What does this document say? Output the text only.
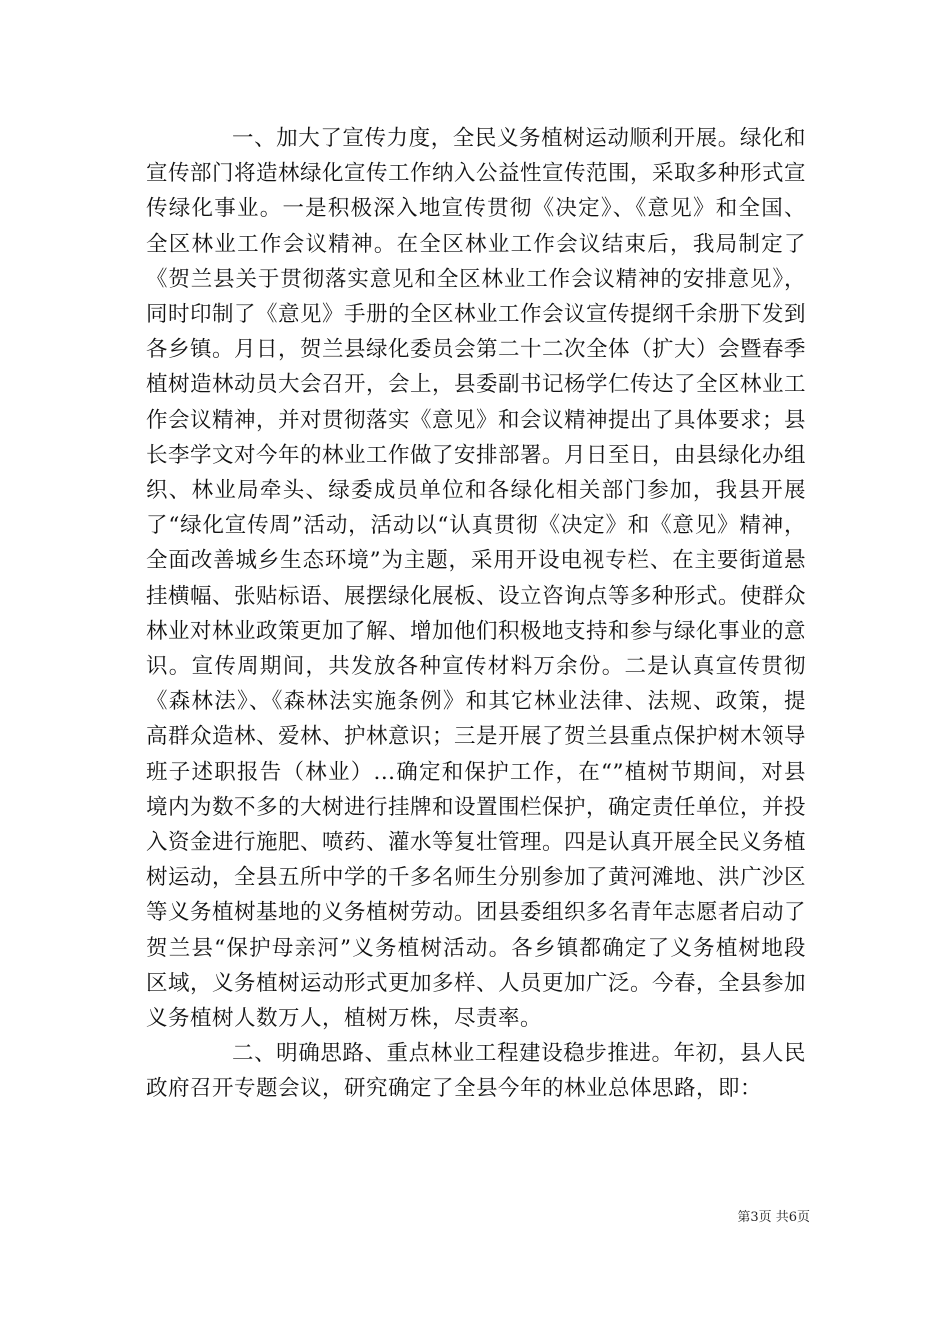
一、加大了宣传力度，全民义务植树运动顺利开展。绿化和宣传部门将造林绿化宣传工作纳入公益性宣传范围，采取多种形式宣传绿化事业。一是积极深入地宣传贯彻《决定》、《意见》和全国、全区林业工作会议精神。在全区林业工作会议结束后，我局制定了《贺兰县关于贯彻落实意见和全区林业工作会议精神的安排意见》，同时印制了《意见》手册的全区林业工作会议宣传提纲千余册下发到各乡镇。月日，贺兰县绿化委员会第二十二次全体（扩大）会暨春季植树造林动员大会召开，会上，县委副书记杨学仁传达了全区林业工作会议精神，并对贯彻落实《意见》和会议精神提出了具体要求；县长李学文对今年的林业工作做了安排部署。月日至日，由县绿化办组织、林业局牵头、绿委成员单位和各绿化相关部门参加，我县开展了“绿化宣传周”活动，活动以“认真贯彻《决定》和《意见》精神，全面改善城乡生态环境”为主题，采用开设电视专栏、在主要街道悬挂横幅、张贴标语、展摆绿化展板、设立咨询点等多种形式。使群众林业对林业政策更加了解、增加他们积极地支持和参与绿化事业的意识。宣传周期间，共发放各种宣传材料万余份。二是认真宣传贯彻《森林法》、《森林法实施条例》和其它林业法律、法规、政策，提高群众造林、爱林、护林意识；三是开展了贺兰县重点保护树木领导班子述职报告（林业）...确定和保护工作，在“”植树节期间，对县境内为数不多的大树进行挂牌和设置围栏保护，确定责任单位，并投入资金进行施肥、喷药、灌水等复壮管理。四是认真开展全民义务植树运动，全县五所中学的千多名师生分别参加了黄河滩地、洪广沙区等义务植树基地的义务植树劳动。团县委组织多名青年志愿者启动了贺兰县“保护母亲河”义务植树活动。各乡镇都确定了义务植树地段区域，义务植树运动形式更加多样、人员更加广泛。今春，全县参加义务植树人数万人，植树万株，尽责率。

二、明确思路、重点林业工程建设稳步推进。年初，县人民政府召开专题会议，研究确定了全县今年的林业总体思路，即：

第3页 共6页
